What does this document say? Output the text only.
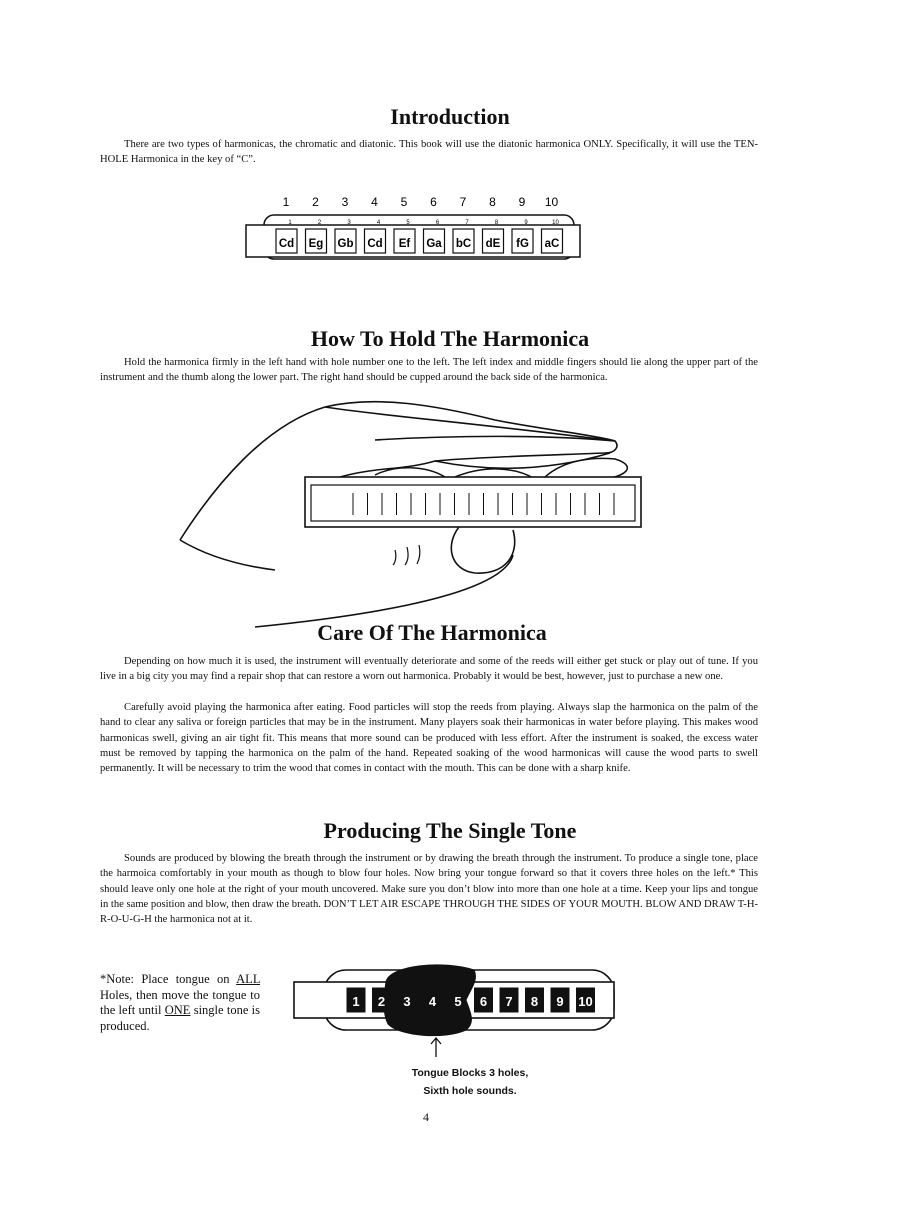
Introduction

There are two types of harmonicas, the chromatic and diatonic. This book will use the diatonic harmonica ONLY. Specifically, it will use the TEN-HOLE Harmonica in the key of “C”.

1
1
2
2
3
3
4
4
5
5
6
6
7
7
8
8
9
9
10
10
Cd Eg Gb Cd Ef Ga bC dE fG aC
How To Hold The Harmonica

Hold the harmonica firmly in the left hand with hole number one to the left. The left index and middle fingers should lie along the upper part of the instrument and the thumb along the lower part. The right hand should be cupped around the back side of the harmonica.

Care Of The Harmonica

Depending on how much it is used, the instrument will eventually deteriorate and some of the reeds will either get stuck or play out of tune. If you live in a big city you may find a repair shop that can restore a worn out harmonica. Probably it would be best, however, just to purchase a new one.

Carefully avoid playing the harmonica after eating. Food particles will stop the reeds from playing. Always slap the harmonica on the palm of the hand to clear any saliva or foreign particles that may be in the instrument. Many players soak their harmonicas in water before playing. This makes wood harmonicas swell, giving an air tight fit. This means that more sound can be produced with less effort. After the instrument is soaked, the excess water must be removed by tapping the harmonica on the palm of the hand. Repeated soaking of the wood harmonicas will cause the wood parts to swell permanently. It will be necessary to trim the wood that comes in contact with the mouth. This can be done with a sharp knife.

Producing The Single Tone

Sounds are produced by blowing the breath through the instrument or by drawing the breath through the instrument. To produce a single tone, place the harmoica comfortably in your mouth as though to blow four holes. Now bring your tongue forward so that it covers three holes on the left.* This should leave only one hole at the right of your mouth uncovered. Make sure you don’t blow into more than one hole at a time. Keep your lips and tongue in the same position and blow, then draw the breath. DON’T LET AIR ESCAPE THROUGH THE SIDES OF YOUR MOUTH. BLOW AND DRAW T-H-R-O-U-G-H the harmonica not at it.

*Note: Place tongue on ALL Holes, then move the tongue to the left until ONE single tone is produced.

1 2 3 4 5 6 7 8 9 10
Tongue Blocks 3 holes,
Sixth hole sounds.
4
